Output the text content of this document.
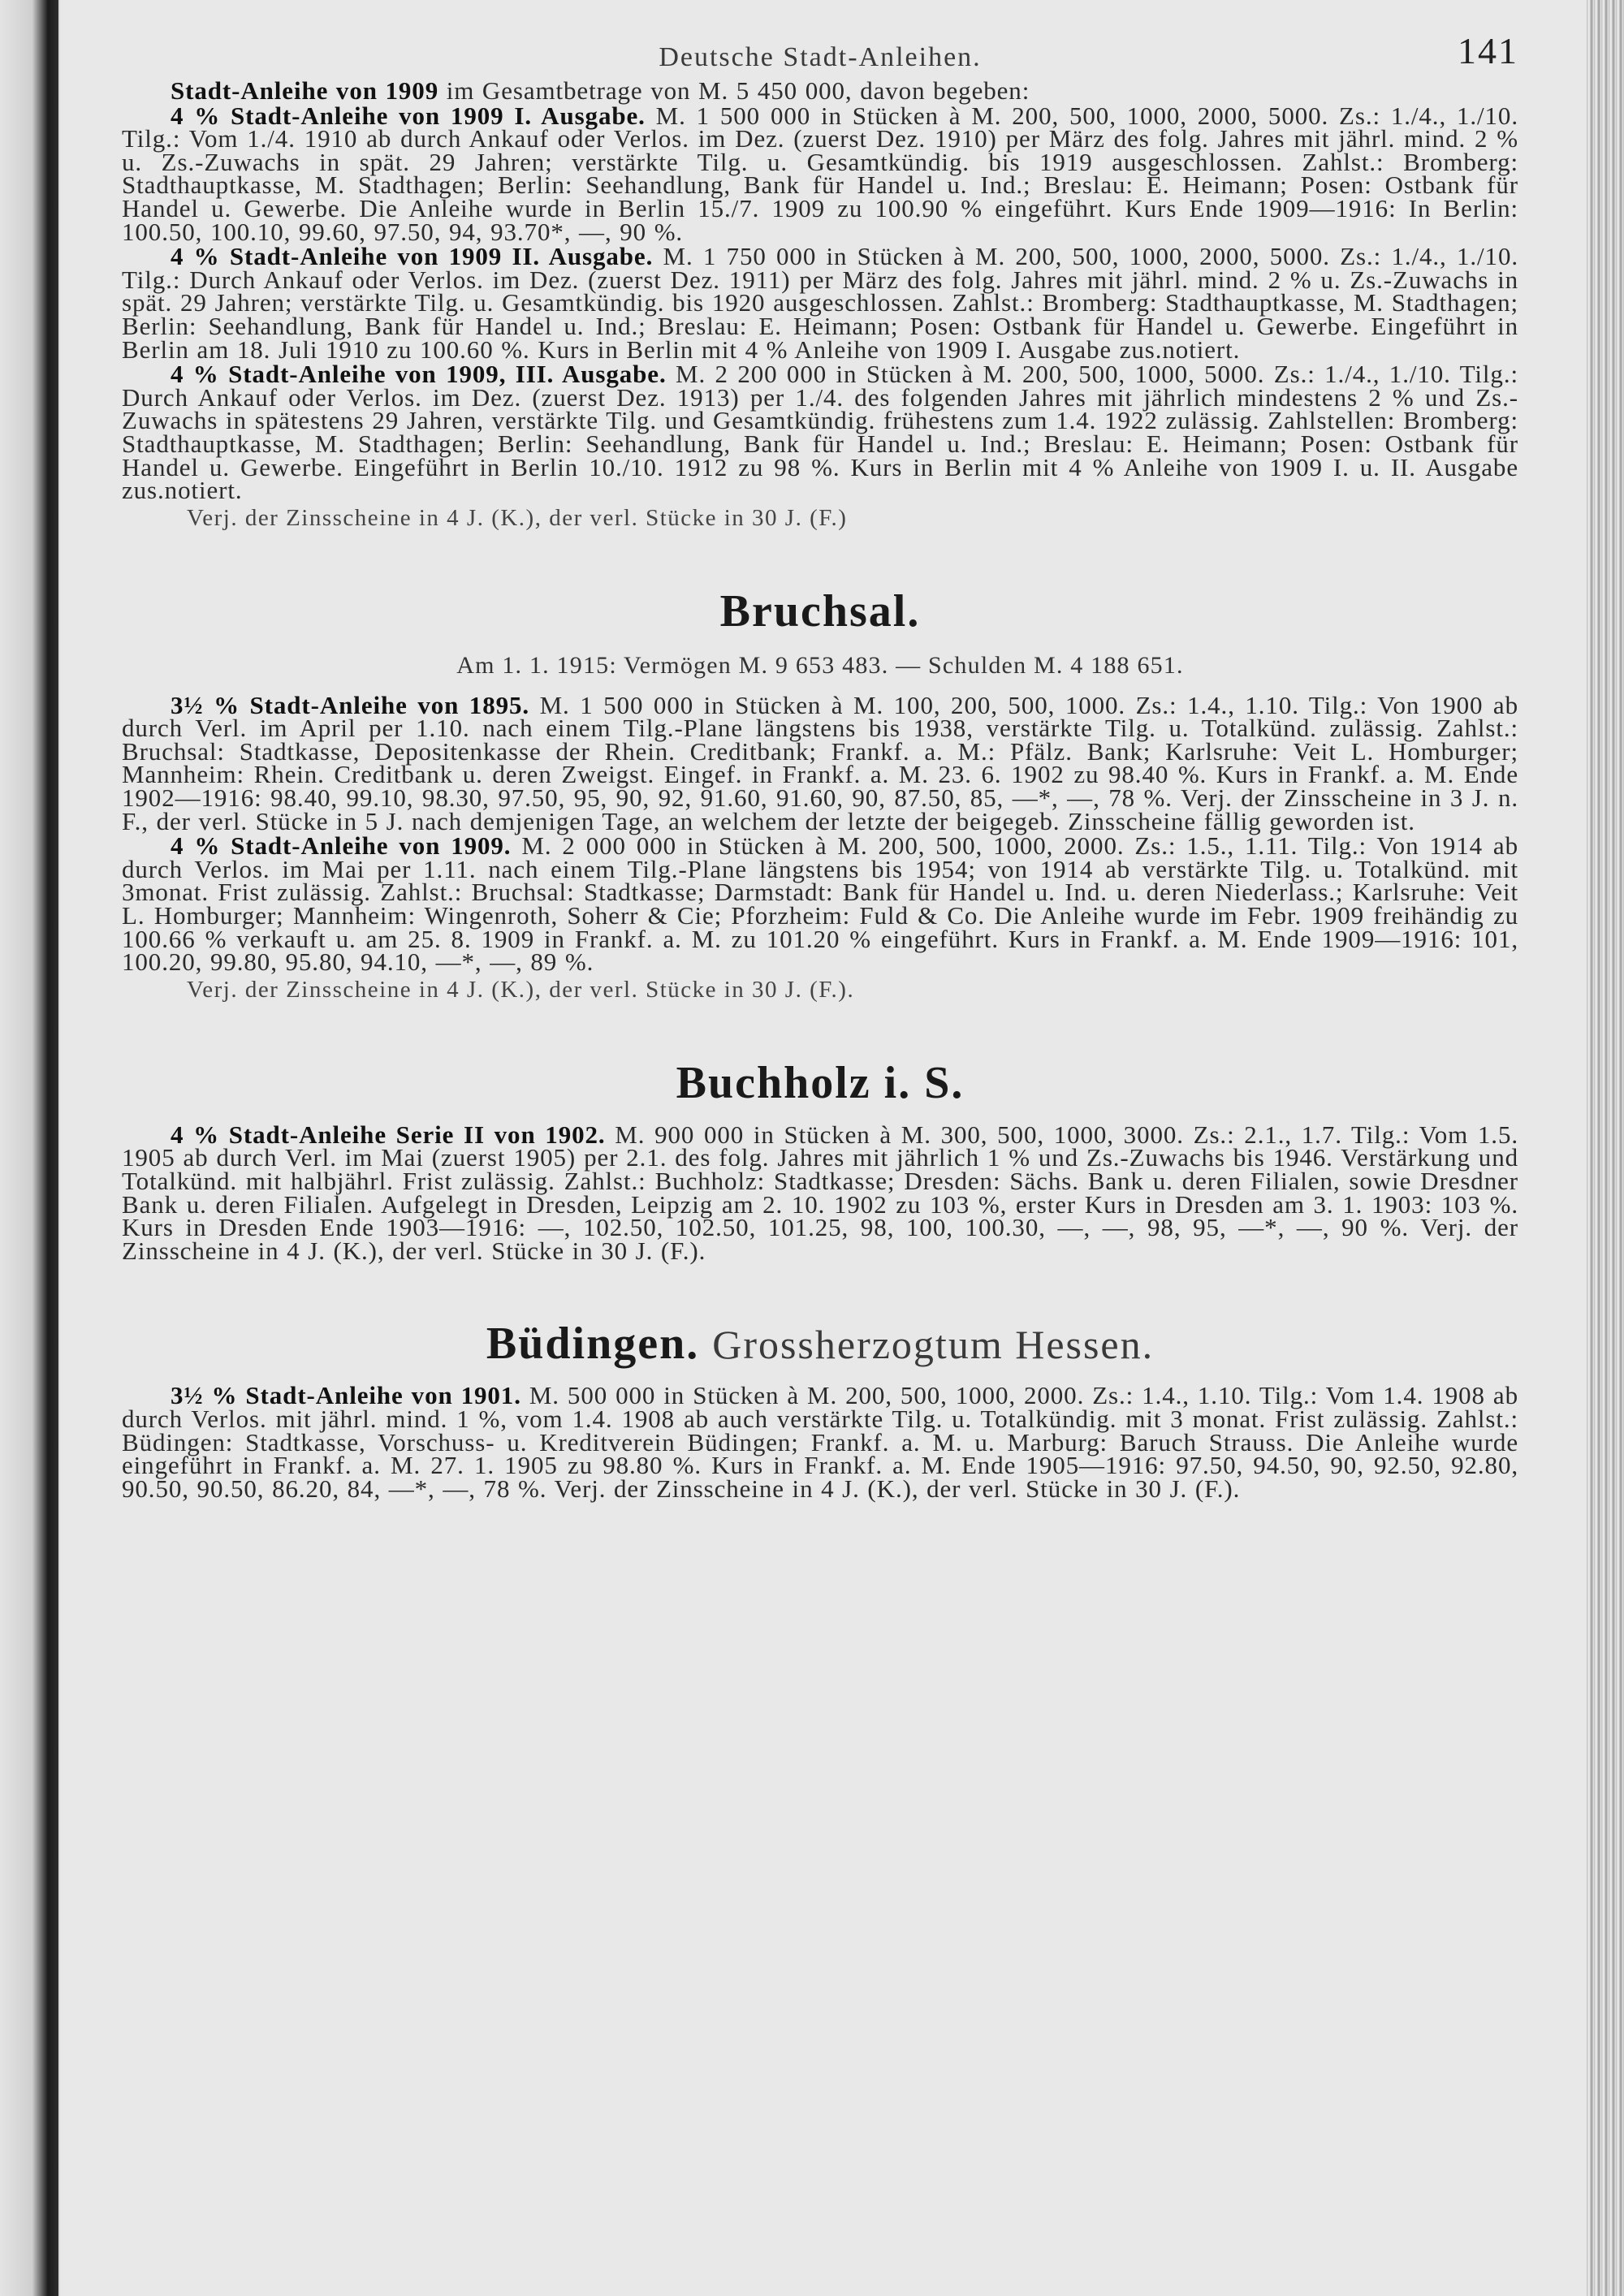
Deutsche Stadt-Anleihen.	141

Stadt-Anleihe von 1909 im Gesamtbetrage von M. 5 450 000, davon begeben:

4 % Stadt-Anleihe von 1909 I. Ausgabe. M. 1 500 000 in Stücken à M. 200, 500, 1000, 2000, 5000. Zs.: 1./4., 1./10. Tilg.: Vom 1./4. 1910 ab durch Ankauf oder Verlos. im Dez. (zuerst Dez. 1910) per März des folg. Jahres mit jährl. mind. 2 % u. Zs.-Zuwachs in spät. 29 Jahren; verstärkte Tilg. u. Gesamtkündig. bis 1919 ausgeschlossen. Zahlst.: Bromberg: Stadthauptkasse, M. Stadthagen; Berlin: Seehandlung, Bank für Handel u. Ind.; Breslau: E. Heimann; Posen: Ostbank für Handel u. Gewerbe. Die Anleihe wurde in Berlin 15./7. 1909 zu 100.90 % eingeführt. Kurs Ende 1909—1916: In Berlin: 100.50, 100.10, 99.60, 97.50, 94, 93.70*, —, 90 %.

4 % Stadt-Anleihe von 1909 II. Ausgabe. M. 1 750 000 in Stücken à M. 200, 500, 1000, 2000, 5000. Zs.: 1./4., 1./10. Tilg.: Durch Ankauf oder Verlos. im Dez. (zuerst Dez. 1911) per März des folg. Jahres mit jährl. mind. 2 % u. Zs.-Zuwachs in spät. 29 Jahren; verstärkte Tilg. u. Gesamtkündig. bis 1920 ausgeschlossen. Zahlst.: Bromberg: Stadthauptkasse, M. Stadthagen; Berlin: Seehandlung, Bank für Handel u. Ind.; Breslau: E. Heimann; Posen: Ostbank für Handel u. Gewerbe. Eingeführt in Berlin am 18. Juli 1910 zu 100.60 %. Kurs in Berlin mit 4 % Anleihe von 1909 I. Ausgabe zus.notiert.

4 % Stadt-Anleihe von 1909, III. Ausgabe. M. 2 200 000 in Stücken à M. 200, 500, 1000, 5000. Zs.: 1./4., 1./10. Tilg.: Durch Ankauf oder Verlos. im Dez. (zuerst Dez. 1913) per 1./4. des folgenden Jahres mit jährlich mindestens 2 % und Zs.-Zuwachs in spätestens 29 Jahren, verstärkte Tilg. und Gesamtkündig. frühestens zum 1.4. 1922 zulässig. Zahlstellen: Bromberg: Stadthauptkasse, M. Stadthagen; Berlin: Seehandlung, Bank für Handel u. Ind.; Breslau: E. Heimann; Posen: Ostbank für Handel u. Gewerbe. Eingeführt in Berlin 10./10. 1912 zu 98 %. Kurs in Berlin mit 4 % Anleihe von 1909 I. u. II. Ausgabe zus.notiert.

Verj. der Zinsscheine in 4 J. (K.), der verl. Stücke in 30 J. (F.)

Bruchsal.

Am 1. 1. 1915: Vermögen M. 9 653 483. — Schulden M. 4 188 651.

3½ % Stadt-Anleihe von 1895. M. 1 500 000 in Stücken à M. 100, 200, 500, 1000. Zs.: 1.4., 1.10. Tilg.: Von 1900 ab durch Verl. im April per 1.10. nach einem Tilg.-Plane längstens bis 1938, verstärkte Tilg. u. Totalkünd. zulässig. Zahlst.: Bruchsal: Stadtkasse, Depositenkasse der Rhein. Creditbank; Frankf. a. M.: Pfälz. Bank; Karlsruhe: Veit L. Homburger; Mannheim: Rhein. Creditbank u. deren Zweigst. Eingef. in Frankf. a. M. 23. 6. 1902 zu 98.40 %. Kurs in Frankf. a. M. Ende 1902—1916: 98.40, 99.10, 98.30, 97.50, 95, 90, 92, 91.60, 91.60, 90, 87.50, 85, —*, —, 78 %. Verj. der Zinsscheine in 3 J. n. F., der verl. Stücke in 5 J. nach demjenigen Tage, an welchem der letzte der beigegeb. Zinsscheine fällig geworden ist.

4 % Stadt-Anleihe von 1909. M. 2 000 000 in Stücken à M. 200, 500, 1000, 2000. Zs.: 1.5., 1.11. Tilg.: Von 1914 ab durch Verlos. im Mai per 1.11. nach einem Tilg.-Plane längstens bis 1954; von 1914 ab verstärkte Tilg. u. Totalkünd. mit 3monat. Frist zulässig. Zahlst.: Bruchsal: Stadtkasse; Darmstadt: Bank für Handel u. Ind. u. deren Niederlass.; Karlsruhe: Veit L. Homburger; Mannheim: Wingenroth, Soherr & Cie; Pforzheim: Fuld & Co. Die Anleihe wurde im Febr. 1909 freihändig zu 100.66 % verkauft u. am 25. 8. 1909 in Frankf. a. M. zu 101.20 % eingeführt. Kurs in Frankf. a. M. Ende 1909—1916: 101, 100.20, 99.80, 95.80, 94.10, —*, —, 89 %.

Verj. der Zinsscheine in 4 J. (K.), der verl. Stücke in 30 J. (F.).

Buchholz i. S.

4 % Stadt-Anleihe Serie II von 1902. M. 900 000 in Stücken à M. 300, 500, 1000, 3000. Zs.: 2.1., 1.7. Tilg.: Vom 1.5. 1905 ab durch Verl. im Mai (zuerst 1905) per 2.1. des folg. Jahres mit jährlich 1 % und Zs.-Zuwachs bis 1946. Verstärkung und Totalkünd. mit halbjährl. Frist zulässig. Zahlst.: Buchholz: Stadtkasse; Dresden: Sächs. Bank u. deren Filialen, sowie Dresdner Bank u. deren Filialen. Aufgelegt in Dresden, Leipzig am 2. 10. 1902 zu 103 %, erster Kurs in Dresden am 3. 1. 1903: 103 %. Kurs in Dresden Ende 1903—1916: —, 102.50, 102.50, 101.25, 98, 100, 100.30, —, —, 98, 95, —*, —, 90 %. Verj. der Zinsscheine in 4 J. (K.), der verl. Stücke in 30 J. (F.).

Büdingen. Grossherzogtum Hessen.

3½ % Stadt-Anleihe von 1901. M. 500 000 in Stücken à M. 200, 500, 1000, 2000. Zs.: 1.4., 1.10. Tilg.: Vom 1.4. 1908 ab durch Verlos. mit jährl. mind. 1 %, vom 1.4. 1908 ab auch verstärkte Tilg. u. Totalkündig. mit 3 monat. Frist zulässig. Zahlst.: Büdingen: Stadtkasse, Vorschuss- u. Kreditverein Büdingen; Frankf. a. M. u. Marburg: Baruch Strauss. Die Anleihe wurde eingeführt in Frankf. a. M. 27. 1. 1905 zu 98.80 %. Kurs in Frankf. a. M. Ende 1905—1916: 97.50, 94.50, 90, 92.50, 92.80, 90.50, 90.50, 86.20, 84, —*, —, 78 %. Verj. der Zinsscheine in 4 J. (K.), der verl. Stücke in 30 J. (F.).
